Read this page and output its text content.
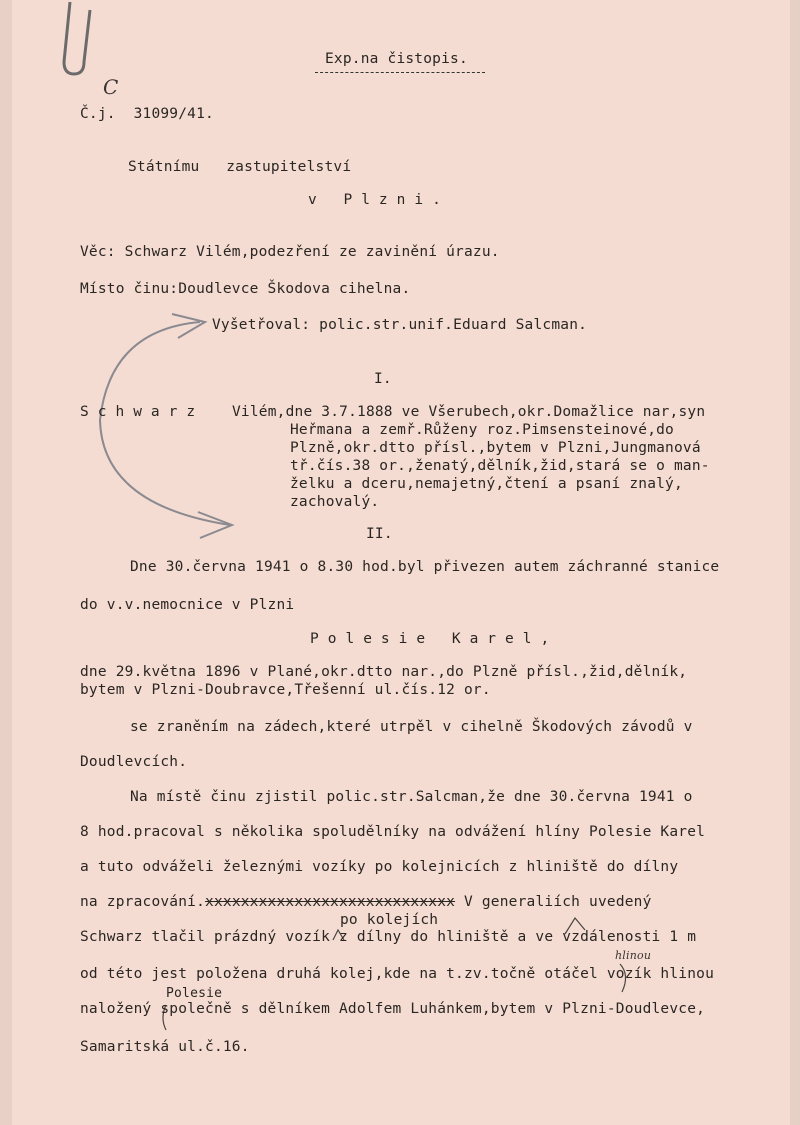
Exp.na čistopis.
C
Č.j.  31099/41.
Státnímu   zastupitelství
v Plzni.
Věc: Schwarz Vilém,podezření ze zavinění úrazu.
Místo činu:Doudlevce Škodova cihelna.
Vyšetřoval: polic.str.unif.Eduard Salcman.
I.
Schwarz Vilém,dne 3.7.1888 ve Všerubech,okr.Domažlice nar,syn
Heřmana a zemř.Růženy roz.Pimsensteinové,do
Plzně,okr.dtto přísl.,bytem v Plzni,Jungmanová
tř.čís.38 or.,ženatý,dělník,žid,stará se o man-
želku a dceru,nemajetný,čtení a psaní znalý,
zachovalý.
II.
Dne 30.června 1941 o 8.30 hod.byl přivezen autem záchranné stanice
do v.v.nemocnice v Plzni
Polesie Karel,
dne 29.května 1896 v Plané,okr.dtto nar.,do Plzně přísl.,žid,dělník,
bytem v Plzni-Doubravce,Třešenní ul.čís.12 or.
se zraněním na zádech,které utrpěl v cihelně Škodových závodů v
Doudlevcích.
Na místě činu zjistil polic.str.Salcman,že dne 30.června 1941 o
8 hod.pracoval s několika spoludělníky na odvážení hlíny Polesie Karel
a tuto odváželi železnými vozíky po kolejnicích z hliniště do dílny
na zpracování.xxxxxxxxxxxxxxxxxxxxxxxxxxxx V generaliích uvedený
po kolejích
Schwarz tlačil prázdný vozík z dílny do hliniště a ve vzdálenosti 1 m
hlinou
od této jest položena druhá kolej,kde na t.zv.točně otáčel vozík hlinou
Polesie
naložený společně s dělníkem Adolfem Luhánkem,bytem v Plzni-Doudlevce,
Samaritská ul.č.16.
